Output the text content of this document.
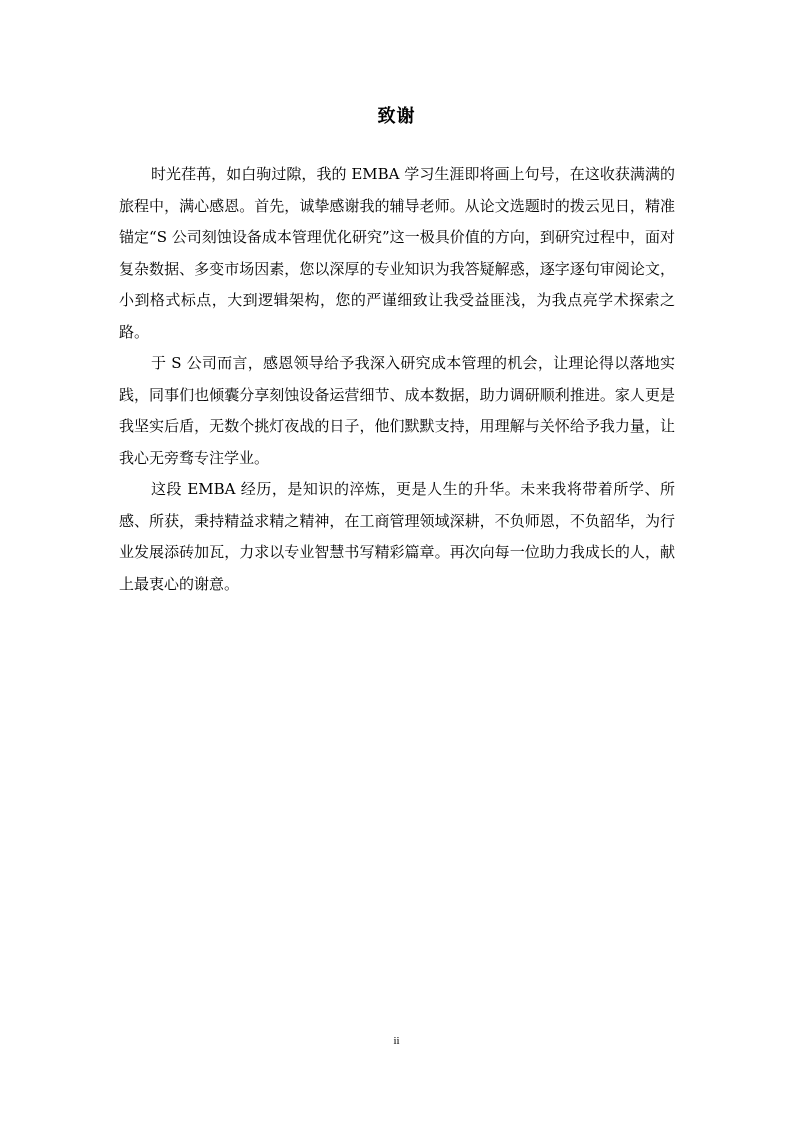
致谢

时光荏苒，如白驹过隙，我的 EMBA 学习生涯即将画上句号，在这收获满满的旅程中，满心感恩。首先，诚挚感谢我的辅导老师。从论文选题时的拨云见日，精准锚定“S 公司刻蚀设备成本管理优化研究”这一极具价值的方向，到研究过程中，面对复杂数据、多变市场因素，您以深厚的专业知识为我答疑解惑，逐字逐句审阅论文，小到格式标点，大到逻辑架构，您的严谨细致让我受益匪浅，为我点亮学术探索之路。

于 S 公司而言，感恩领导给予我深入研究成本管理的机会，让理论得以落地实践，同事们也倾囊分享刻蚀设备运营细节、成本数据，助力调研顺利推进。家人更是我坚实后盾，无数个挑灯夜战的日子，他们默默支持，用理解与关怀给予我力量，让我心无旁骛专注学业。

这段 EMBA 经历，是知识的淬炼，更是人生的升华。未来我将带着所学、所感、所获，秉持精益求精之精神，在工商管理领域深耕，不负师恩，不负韶华，为行业发展添砖加瓦，力求以专业智慧书写精彩篇章。再次向每一位助力我成长的人，献上最衷心的谢意。

ii
